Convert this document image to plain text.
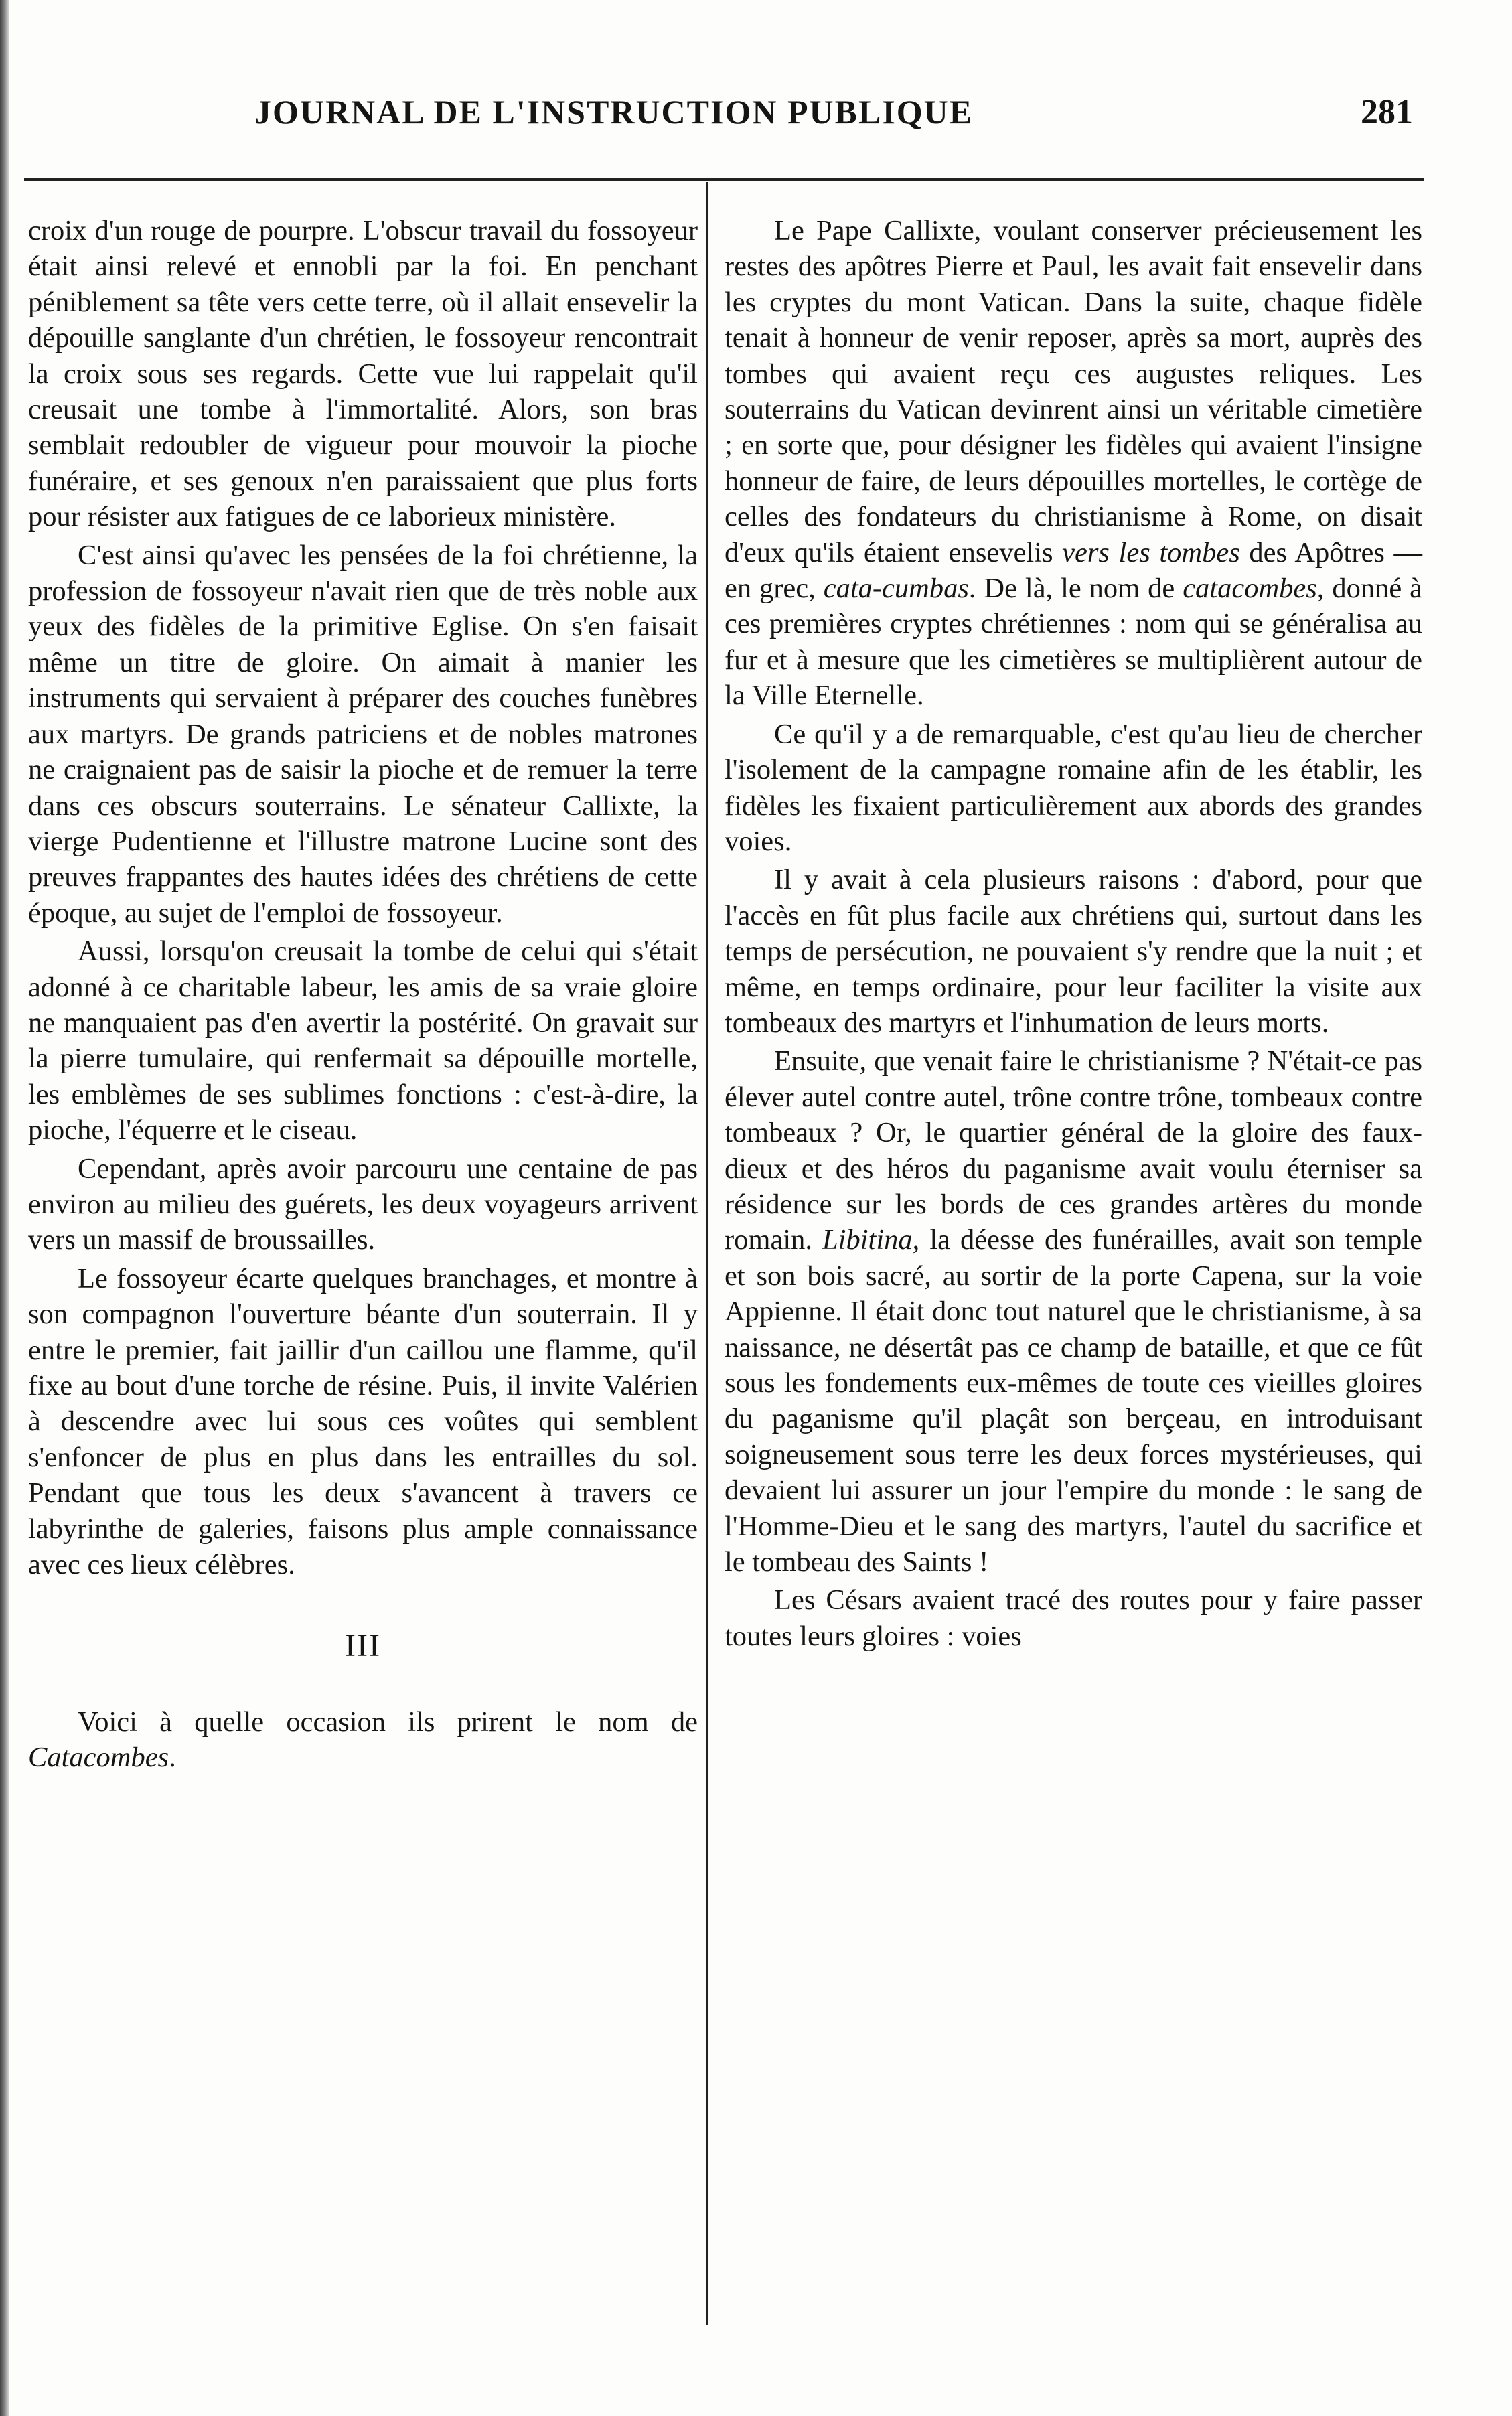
JOURNAL DE L'INSTRUCTION PUBLIQUE	281

croix d'un rouge de pourpre. L'obscur travail du fossoyeur était ainsi relevé et ennobli par la foi. En penchant péniblement sa tête vers cette terre, où il allait ensevelir la dépouille sanglante d'un chrétien, le fossoyeur rencontrait la croix sous ses regards. Cette vue lui rappelait qu'il creusait une tombe à l'immortalité. Alors, son bras semblait redoubler de vigueur pour mouvoir la pioche funéraire, et ses genoux n'en paraissaient que plus forts pour résister aux fatigues de ce laborieux ministère.

C'est ainsi qu'avec les pensées de la foi chrétienne, la profession de fossoyeur n'avait rien que de très noble aux yeux des fidèles de la primitive Eglise. On s'en faisait même un titre de gloire. On aimait à manier les instruments qui servaient à préparer des couches funèbres aux martyrs. De grands patriciens et de nobles matrones ne craignaient pas de saisir la pioche et de remuer la terre dans ces obscurs souterrains. Le sénateur Callixte, la vierge Pudentienne et l'illustre matrone Lucine sont des preuves frappantes des hautes idées des chrétiens de cette époque, au sujet de l'emploi de fossoyeur.

Aussi, lorsqu'on creusait la tombe de celui qui s'était adonné à ce charitable labeur, les amis de sa vraie gloire ne manquaient pas d'en avertir la postérité. On gravait sur la pierre tumulaire, qui renfermait sa dépouille mortelle, les emblèmes de ses sublimes fonctions : c'est-à-dire, la pioche, l'équerre et le ciseau.

Cependant, après avoir parcouru une centaine de pas environ au milieu des guérets, les deux voyageurs arrivent vers un massif de broussailles.

Le fossoyeur écarte quelques branchages, et montre à son compagnon l'ouverture béante d'un souterrain. Il y entre le premier, fait jaillir d'un caillou une flamme, qu'il fixe au bout d'une torche de résine. Puis, il invite Valérien à descendre avec lui sous ces voûtes qui semblent s'enfoncer de plus en plus dans les entrailles du sol. Pendant que tous les deux s'avancent à travers ce labyrinthe de galeries, faisons plus ample connaissance avec ces lieux célèbres.

III

Voici à quelle occasion ils prirent le nom de Catacombes.

Le Pape Callixte, voulant conserver précieusement les restes des apôtres Pierre et Paul, les avait fait ensevelir dans les cryptes du mont Vatican. Dans la suite, chaque fidèle tenait à honneur de venir reposer, après sa mort, auprès des tombes qui avaient reçu ces augustes reliques. Les souterrains du Vatican devinrent ainsi un véritable cimetière ; en sorte que, pour désigner les fidèles qui avaient l'insigne honneur de faire, de leurs dépouilles mortelles, le cortège de celles des fondateurs du christianisme à Rome, on disait d'eux qu'ils étaient ensevelis vers les tombes des Apôtres — en grec, cata-cumbas. De là, le nom de catacombes, donné à ces premières cryptes chrétiennes : nom qui se généralisa au fur et à mesure que les cimetières se multiplièrent autour de la Ville Eternelle.

Ce qu'il y a de remarquable, c'est qu'au lieu de chercher l'isolement de la campagne romaine afin de les établir, les fidèles les fixaient particulièrement aux abords des grandes voies.

Il y avait à cela plusieurs raisons : d'abord, pour que l'accès en fût plus facile aux chrétiens qui, surtout dans les temps de persécution, ne pouvaient s'y rendre que la nuit ; et même, en temps ordinaire, pour leur faciliter la visite aux tombeaux des martyrs et l'inhumation de leurs morts.

Ensuite, que venait faire le christianisme ? N'était-ce pas élever autel contre autel, trône contre trône, tombeaux contre tombeaux ? Or, le quartier général de la gloire des faux-dieux et des héros du paganisme avait voulu éterniser sa résidence sur les bords de ces grandes artères du monde romain. Libitina, la déesse des funérailles, avait son temple et son bois sacré, au sortir de la porte Capena, sur la voie Appienne. Il était donc tout naturel que le christianisme, à sa naissance, ne désertât pas ce champ de bataille, et que ce fût sous les fondements eux-mêmes de toute ces vieilles gloires du paganisme qu'il plaçât son berçeau, en introduisant soigneusement sous terre les deux forces mystérieuses, qui devaient lui assurer un jour l'empire du monde : le sang de l'Homme-Dieu et le sang des martyrs, l'autel du sacrifice et le tombeau des Saints !

Les Césars avaient tracé des routes pour y faire passer toutes leurs gloires : voies
